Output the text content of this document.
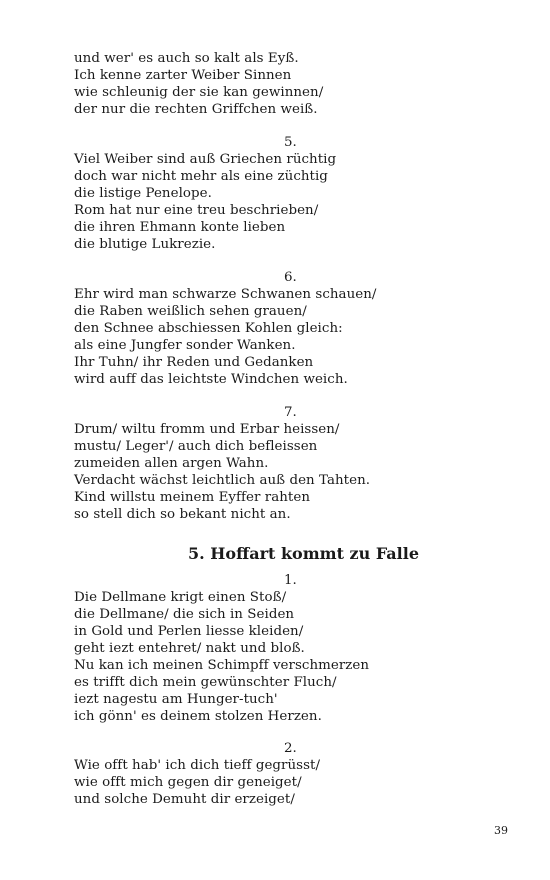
und wer' es auch so kalt als Eyß.
Ich kenne zarter Weiber Sinnen
wie schleunig der sie kan gewinnen/
der nur die rechten Griffchen weiß.
5.
Viel Weiber sind auß Griechen rüchtig
doch war nicht mehr als eine züchtig
die listige Penelope.
Rom hat nur eine treu beschrieben/
die ihren Ehmann konte lieben
die blutige Lukrezie.
6.
Ehr wird man schwarze Schwanen schauen/
die Raben weißlich sehen grauen/
den Schnee abschiessen Kohlen gleich:
als eine Jungfer sonder Wanken.
Ihr Tuhn/ ihr Reden und Gedanken
wird auff das leichtste Windchen weich.
7.
Drum/ wiltu fromm und Erbar heissen/
mustu/ Leger'/ auch dich befleissen
zumeiden allen argen Wahn.
Verdacht wächst leichtlich auß den Tahten.
Kind willstu meinem Eyffer rahten
so stell dich so bekant nicht an.
5. Hoffart kommt zu Falle
1.
Die Dellmane krigt einen Stoß/
die Dellmane/ die sich in Seiden
in Gold und Perlen liesse kleiden/
geht iezt entehret/ nakt und bloß.
Nu kan ich meinen Schimpff verschmerzen
es trifft dich mein gewünschter Fluch/
iezt nagestu am Hunger-tuch'
ich gönn' es deinem stolzen Herzen.
2.
Wie offt hab' ich dich tieff gegrüsst/
wie offt mich gegen dir geneiget/
und solche Demuht dir erzeiget/
39
